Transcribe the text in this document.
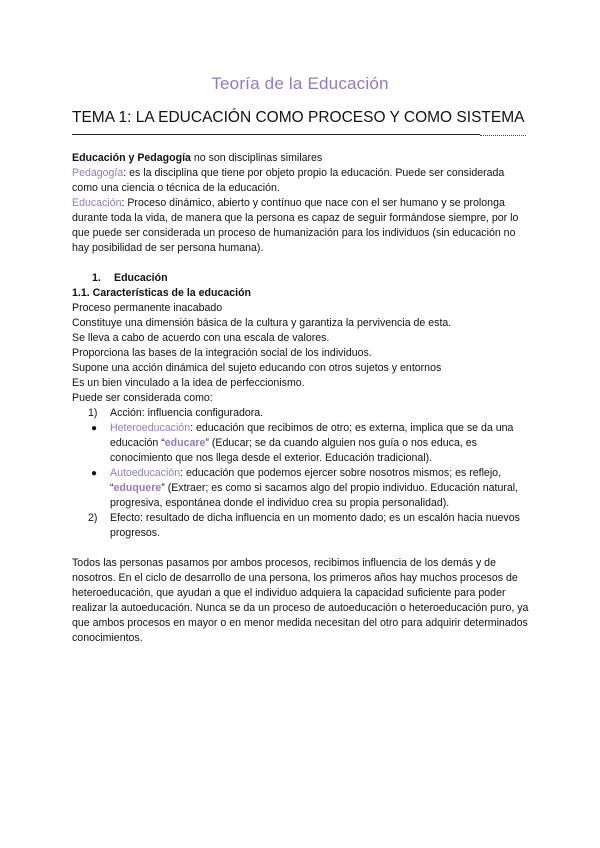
Teoría de la Educación
TEMA 1: LA EDUCACIÓN COMO PROCESO Y COMO SISTEMA

Educación y Pedagogía no son disciplinas similares

Pedagogía: es la disciplina que tiene por objeto propio la educación. Puede ser considerada como una ciencia o técnica de la educación.

Educación: Proceso dinámico, abierto y contínuo que nace con el ser humano y se prolonga durante toda la vida, de manera que la persona es capaz de seguir formándose siempre, por lo que puede ser considerada un proceso de humanización para los individuos (sin educación no hay posibilidad de ser persona humana).

1. Educación

1.1. Características de la educación

Proceso permanente inacabado

Constituye una dimensión básica de la cultura y garantiza la pervivencia de esta.

Se lleva a cabo de acuerdo con una escala de valores.

Proporciona las bases de la integración social de los individuos.

Supone una acción dinámica del sujeto educando con otros sujetos y entornos

Es un bien vinculado a la idea de perfeccionismo.

Puede ser considerada como:

1) Acción: influencia configuradora.
● Heteroeducación: educación que recibimos de otro; es externa, implica que se da una educación “educare” (Educar; se da cuando alguien nos guía o nos educa, es conocimiento que nos llega desde el exterior. Educación tradicional).
● Autoeducación: educación que podemos ejercer sobre nosotros mismos; es reflejo, “eduquere” (Extraer; es como si sacamos algo del propio individuo. Educación natural, progresiva, espontánea donde el individuo crea su propia personalidad).
2) Efecto: resultado de dicha influencia en un momento dado; es un escalón hacia nuevos progresos.

Todos las personas pasamos por ambos procesos, recibimos influencia de los demás y de nosotros. En el ciclo de desarrollo de una persona, los primeros años hay muchos procesos de heteroeducación, que ayudan a que el individuo adquiera la capacidad suficiente para poder realizar la autoeducación. Nunca se da un proceso de autoeducación o heteroeducación puro, ya que ambos procesos en mayor o en menor medida necesitan del otro para adquirir determinados conocimientos.
